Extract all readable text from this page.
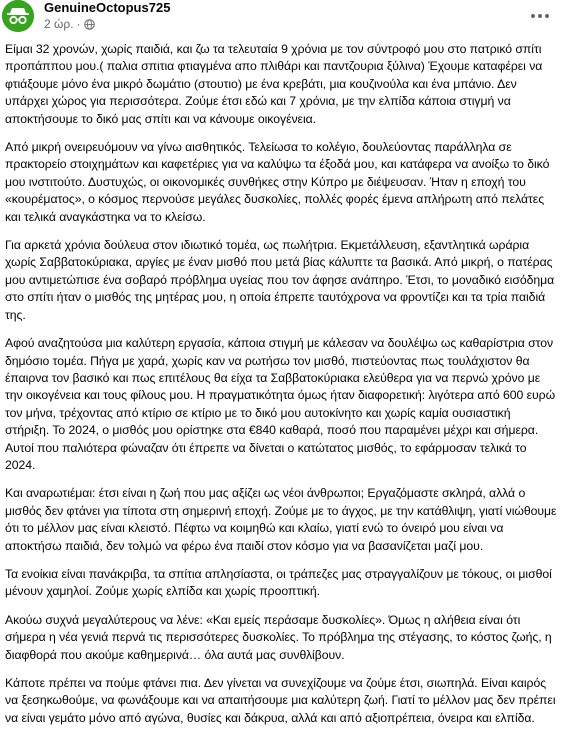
GenuineOctopus725
2 ώρ. ·

Είμαι 32 χρονών, χωρίς παιδιά, και ζω τα τελευταία 9 χρόνια με τον σύντροφό μου στο πατρικό σπίτι προπάππου μου.( παλια σπιτια φτιαγμένα απο πλιθάρι και παντζουρια ξύλινα) Έχουμε καταφέρει να φτιάξουμε μόνο ένα μικρό δωμάτιο (στουτιο) με ένα κρεβάτι, μια κουζινούλα και ένα μπάνιο. Δεν υπάρχει χώρος για περισσότερα. Ζούμε έτσι εδώ και 7 χρόνια, με την ελπίδα κάποια στιγμή να αποκτήσουμε το δικό μας σπίτι και να κάνουμε οικογένεια.

Από μικρή ονειρευόμουν να γίνω αισθητικός. Τελείωσα το κολέγιο, δουλεύοντας παράλληλα σε πρακτορείο στοιχημάτων και καφετέριες για να καλύψω τα έξοδά μου, και κατάφερα να ανοίξω το δικό μου ινστιτούτο. Δυστυχώς, οι οικονομικές συνθήκες στην Κύπρο με διέψευσαν. Ήταν η εποχή του «κουρέματος», ο κόσμος περνούσε μεγάλες δυσκολίες, πολλές φορές έμενα απλήρωτη από πελάτες και τελικά αναγκάστηκα να το κλείσω.

Για αρκετά χρόνια δούλευα στον ιδιωτικό τομέα, ως πωλήτρια. Εκμετάλλευση, εξαντλητικά ωράρια χωρίς Σαββατοκύριακα, αργίες με έναν μισθό που μετά βίας κάλυπτε τα βασικά. Από μικρή, ο πατέρας μου αντιμετώπισε ένα σοβαρό πρόβλημα υγείας που τον άφησε ανάπηρο. Έτσι, το μοναδικό εισόδημα στο σπίτι ήταν ο μισθός της μητέρας μου, η οποία έπρεπε ταυτόχρονα να φροντίζει και τα τρία παιδιά της.

Αφού αναζητούσα μια καλύτερη εργασία, κάποια στιγμή με κάλεσαν να δουλέψω ως καθαρίστρια στον δημόσιο τομέα. Πήγα με χαρά, χωρίς καν να ρωτήσω τον μισθό, πιστεύοντας πως τουλάχιστον θα έπαιρνα τον βασικό και πως επιτέλους θα είχα τα Σαββατοκύριακα ελεύθερα για να περνώ χρόνο με την οικογένεια και τους φίλους μου. Η πραγματικότητα όμως ήταν διαφορετική: λιγότερα από 600 ευρώ τον μήνα, τρέχοντας από κτίριο σε κτίριο με το δικό μου αυτοκίνητο και χωρίς καμία ουσιαστική στήριξη. Το 2024, ο μισθός μου ορίστηκε στα €840 καθαρά, ποσό που παραμένει μέχρι και σήμερα. Αυτοί που παλιότερα φώναζαν ότι έπρεπε να δίνεται ο κατώτατος μισθός, το εφάρμοσαν τελικά το 2024.

Και αναρωτιέμαι: έτσι είναι η ζωή που μας αξίζει ως νέοι άνθρωποι; Εργαζόμαστε σκληρά, αλλά ο μισθός δεν φτάνει για τίποτα στη σημερινή εποχή. Ζούμε με το άγχος, με την κατάθλιψη, γιατί νιώθουμε ότι το μέλλον μας είναι κλειστό. Πέφτω να κοιμηθώ και κλαίω, γιατί ενώ το όνειρό μου είναι να αποκτήσω παιδιά, δεν τολμώ να φέρω ένα παιδί στον κόσμο για να βασανίζεται μαζί μου.

Τα ενοίκια είναι πανάκριβα, τα σπίτια απλησίαστα, οι τράπεζες μας στραγγαλίζουν με τόκους, οι μισθοί μένουν χαμηλοί. Ζούμε χωρίς ελπίδα και χωρίς προοπτική.

Ακούω συχνά μεγαλύτερους να λένε: «Και εμείς περάσαμε δυσκολίες». Όμως η αλήθεια είναι ότι σήμερα η νέα γενιά περνά τις περισσότερες δυσκολίες. Το πρόβλημα της στέγασης, το κόστος ζωής, η διαφθορά που ακούμε καθημερινά… όλα αυτά μας συνθλίβουν.

Κάποτε πρέπει να πούμε φτάνει πια. Δεν γίνεται να συνεχίζουμε να ζούμε έτσι, σιωπηλά. Είναι καιρός να ξεσηκωθούμε, να φωνάξουμε και να απαιτήσουμε μια καλύτερη ζωή. Γιατί το μέλλον μας δεν πρέπει να είναι γεμάτο μόνο από αγώνα, θυσίες και δάκρυα, αλλά και από αξιοπρέπεια, όνειρα και ελπίδα.
